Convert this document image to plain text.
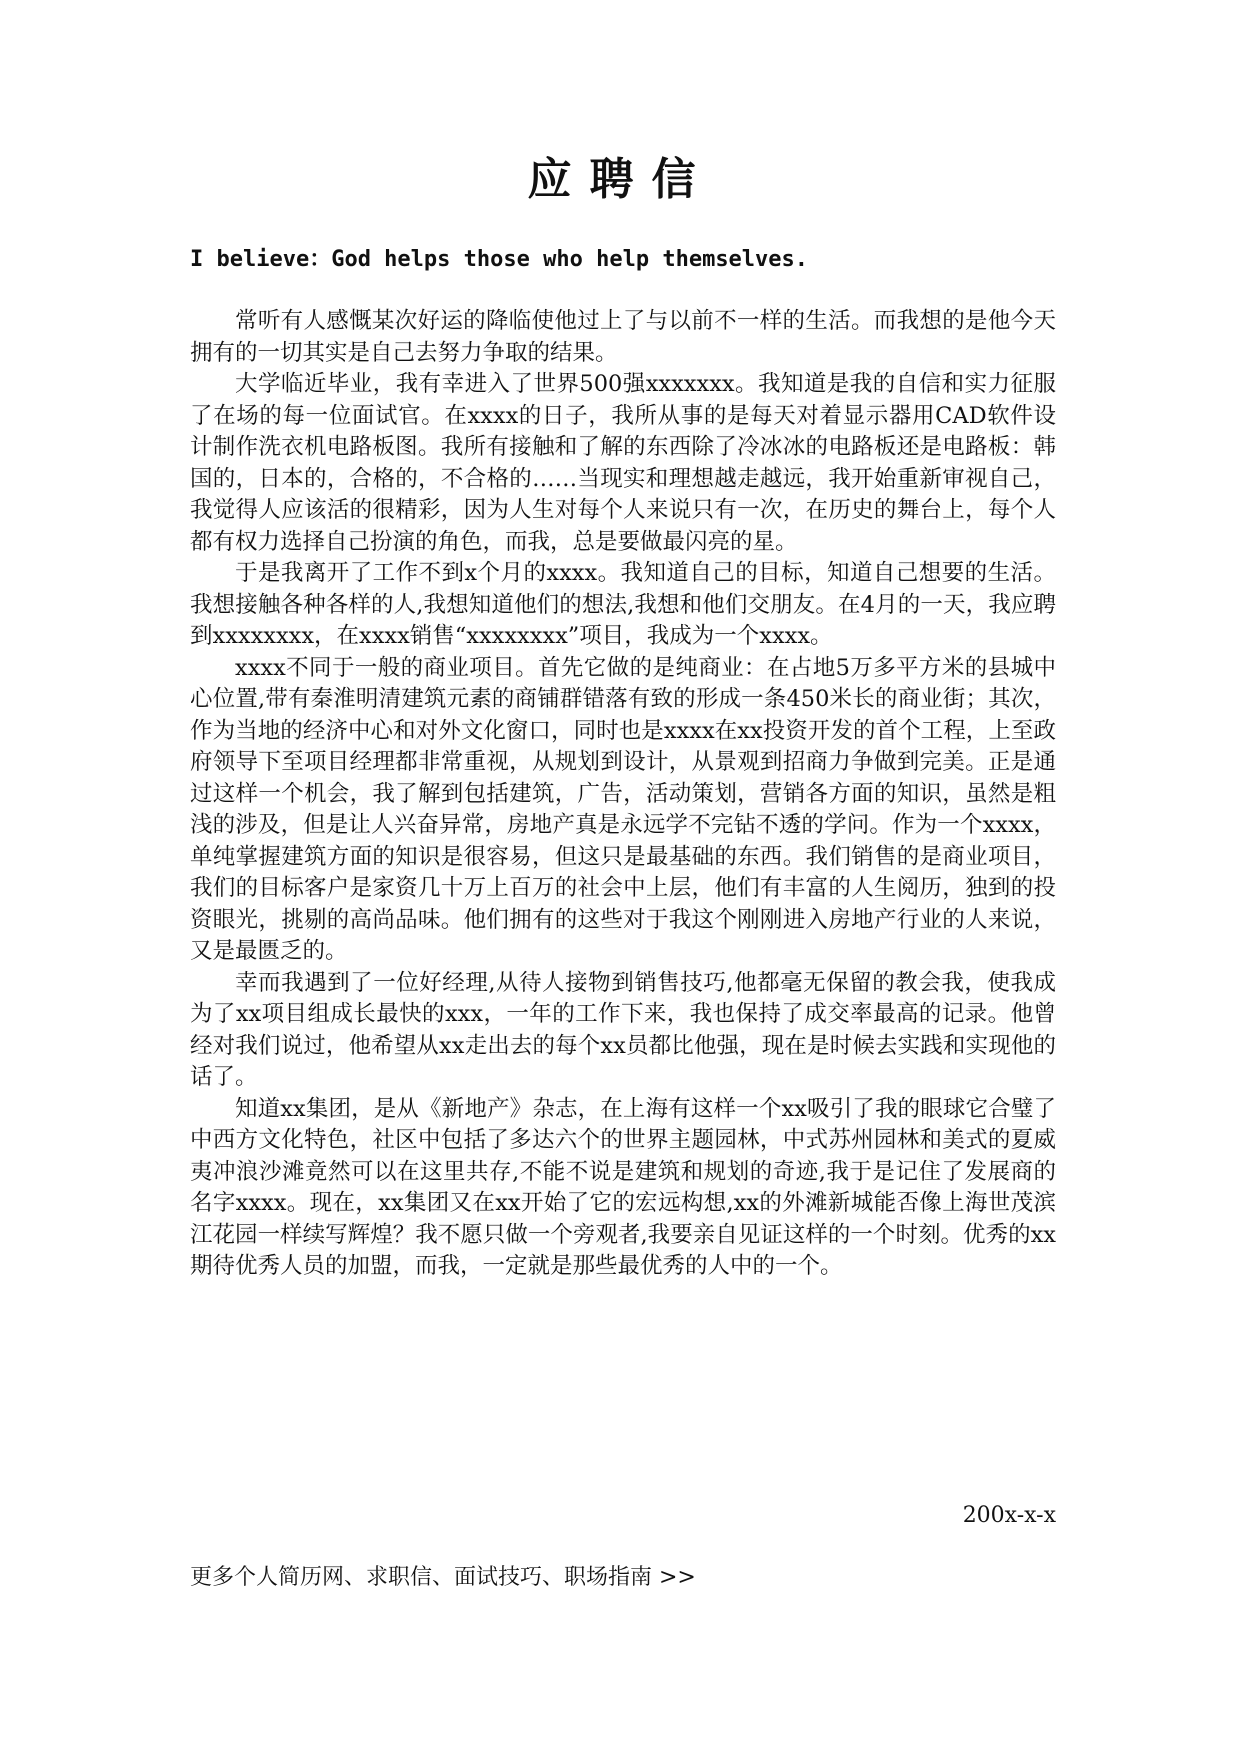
应聘信
I believe：God helps those who help themselves.

常听有人感慨某次好运的降临使他过上了与以前不一样的生活。而我想的是他今天拥有的一切其实是自己去努力争取的结果。

大学临近毕业，我有幸进入了世界500强xxxxxxx。我知道是我的自信和实力征服了在场的每一位面试官。在xxxx的日子，我所从事的是每天对着显示器用CAD软件设计制作洗衣机电路板图。我所有接触和了解的东西除了冷冰冰的电路板还是电路板：韩国的，日本的，合格的，不合格的……当现实和理想越走越远，我开始重新审视自己，我觉得人应该活的很精彩，因为人生对每个人来说只有一次，在历史的舞台上，每个人都有权力选择自己扮演的角色，而我，总是要做最闪亮的星。

于是我离开了工作不到x个月的xxxx。我知道自己的目标，知道自己想要的生活。我想接触各种各样的人,我想知道他们的想法,我想和他们交朋友。在4月的一天，我应聘到xxxxxxxx，在xxxx销售“xxxxxxxx”项目，我成为一个xxxx。

xxxx不同于一般的商业项目。首先它做的是纯商业：在占地5万多平方米的县城中心位置,带有秦淮明清建筑元素的商铺群错落有致的形成一条450米长的商业街；其次，作为当地的经济中心和对外文化窗口，同时也是xxxx在xx投资开发的首个工程，上至政府领导下至项目经理都非常重视，从规划到设计，从景观到招商力争做到完美。正是通过这样一个机会，我了解到包括建筑，广告，活动策划，营销各方面的知识，虽然是粗浅的涉及，但是让人兴奋异常，房地产真是永远学不完钻不透的学问。作为一个xxxx，单纯掌握建筑方面的知识是很容易，但这只是最基础的东西。我们销售的是商业项目，我们的目标客户是家资几十万上百万的社会中上层，他们有丰富的人生阅历，独到的投资眼光，挑剔的高尚品味。他们拥有的这些对于我这个刚刚进入房地产行业的人来说，又是最匮乏的。

幸而我遇到了一位好经理,从待人接物到销售技巧,他都毫无保留的教会我，使我成为了xx项目组成长最快的xxx，一年的工作下来，我也保持了成交率最高的记录。他曾经对我们说过，他希望从xx走出去的每个xx员都比他强，现在是时候去实践和实现他的话了。

知道xx集团，是从《新地产》杂志，在上海有这样一个xx吸引了我的眼球它合璧了中西方文化特色，社区中包括了多达六个的世界主题园林，中式苏州园林和美式的夏威夷冲浪沙滩竟然可以在这里共存,不能不说是建筑和规划的奇迹,我于是记住了发展商的名字xxxx。现在，xx集团又在xx开始了它的宏远构想,xx的外滩新城能否像上海世茂滨江花园一样续写辉煌？我不愿只做一个旁观者,我要亲自见证这样的一个时刻。优秀的xx期待优秀人员的加盟，而我，一定就是那些最优秀的人中的一个。

200x-x-x
更多个人简历网、求职信、面试技巧、职场指南 >>
